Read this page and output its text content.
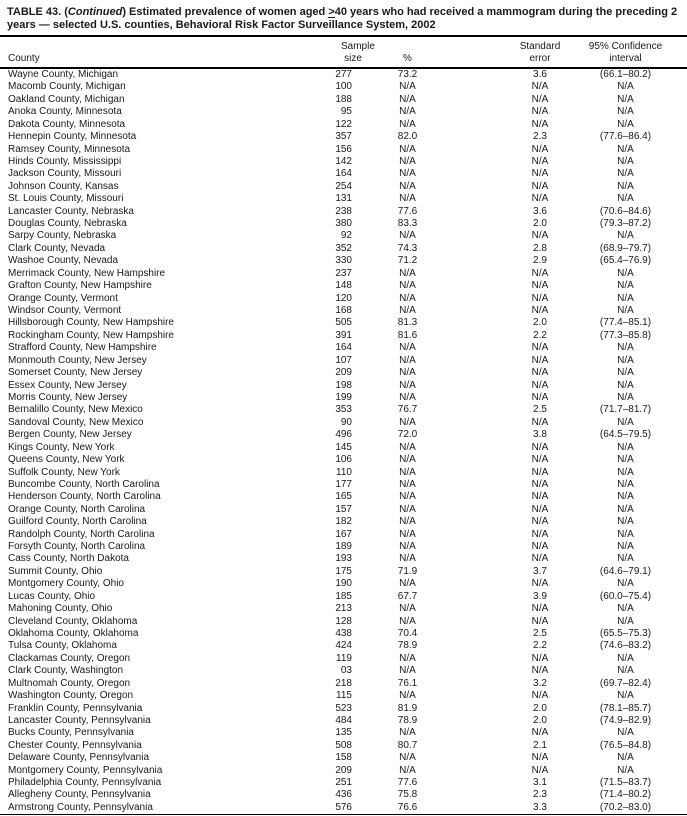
TABLE 43. (Continued) Estimated prevalence of women aged >40 years who had received a mammogram during the preceding 2 years — selected U.S. counties, Behavioral Risk Factor Surveillance System, 2002

County	
Sample
size	%	
Standard
error

95% Confidence
interval

Wayne County, Michigan	277	73.2	3.6	(66.1–80.2)
Macomb County, Michigan	100	N/A	N/A	N/A
Oakland County, Michigan	188	N/A	N/A	N/A
Anoka County, Minnesota	95	N/A	N/A	N/A
Dakota County, Minnesota	122	N/A	N/A	N/A
Hennepin County, Minnesota	357	82.0	2.3	(77.6–86.4)
Ramsey County, Minnesota	156	N/A	N/A	N/A
Hinds County, Mississippi	142	N/A	N/A	N/A
Jackson County, Missouri	164	N/A	N/A	N/A
Johnson County, Kansas	254	N/A	N/A	N/A
St. Louis County, Missouri	131	N/A	N/A	N/A
Lancaster County, Nebraska	238	77.6	3.6	(70.6–84.6)
Douglas County, Nebraska	380	83.3	2.0	(79.3–87.2)
Sarpy County, Nebraska	92	N/A	N/A	N/A
Clark County, Nevada	352	74.3	2.8	(68.9–79.7)
Washoe County, Nevada	330	71.2	2.9	(65.4–76.9)
Merrimack County, New Hampshire	237	N/A	N/A	N/A
Grafton County, New Hampshire	148	N/A	N/A	N/A
Orange County, Vermont	120	N/A	N/A	N/A
Windsor County, Vermont	168	N/A	N/A	N/A
Hillsborough County, New Hampshire	505	81.3	2.0	(77.4–85.1)
Rockingham County, New Hampshire	391	81.6	2.2	(77.3–85.8)
Strafford County, New Hampshire	164	N/A	N/A	N/A
Monmouth County, New Jersey	107	N/A	N/A	N/A
Somerset County, New Jersey	209	N/A	N/A	N/A
Essex County, New Jersey	198	N/A	N/A	N/A
Morris County, New Jersey	199	N/A	N/A	N/A
Bernalillo County, New Mexico	353	76.7	2.5	(71.7–81.7)
Sandoval County, New Mexico	90	N/A	N/A	N/A
Bergen County, New Jersey	496	72.0	3.8	(64.5–79.5)
Kings County, New York	145	N/A	N/A	N/A
Queens County, New York	106	N/A	N/A	N/A
Suffolk County, New York	110	N/A	N/A	N/A
Buncombe County, North Carolina	177	N/A	N/A	N/A
Henderson County, North Carolina	165	N/A	N/A	N/A
Orange County, North Carolina	157	N/A	N/A	N/A
Guilford County, North Carolina	182	N/A	N/A	N/A
Randolph County, North Carolina	167	N/A	N/A	N/A
Forsyth County, North Carolina	189	N/A	N/A	N/A
Cass County, North Dakota	193	N/A	N/A	N/A
Summit County, Ohio	175	71.9	3.7	(64.6–79.1)
Montgomery County, Ohio	190	N/A	N/A	N/A
Lucas County, Ohio	185	67.7	3.9	(60.0–75.4)
Mahoning County, Ohio	213	N/A	N/A	N/A
Cleveland County, Oklahoma	128	N/A	N/A	N/A
Oklahoma County, Oklahoma	438	70.4	2.5	(65.5–75.3)
Tulsa County, Oklahoma	424	78.9	2.2	(74.6–83.2)
Clackamas County, Oregon	119	N/A	N/A	N/A
Clark County, Washington	03	N/A	N/A	N/A
Multnomah County, Oregon	218	76.1	3.2	(69.7–82.4)
Washington County, Oregon	115	N/A	N/A	N/A
Franklin County, Pennsylvania	523	81.9	2.0	(78.1–85.7)
Lancaster County, Pennsylvania	484	78.9	2.0	(74.9–82.9)
Bucks County, Pennsylvania	135	N/A	N/A	N/A
Chester County, Pennsylvania	508	80.7	2.1	(76.5–84.8)
Delaware County, Pennsylvania	158	N/A	N/A	N/A
Montgomery County, Pennsylvania	209	N/A	N/A	N/A
Philadelphia County, Pennsylvania	251	77.6	3.1	(71.5–83.7)
Allegheny County, Pennsylvania	436	75.8	2.3	(71.4–80.2)
Armstrong County, Pennsylvania	576	76.6	3.3	(70.2–83.0)
